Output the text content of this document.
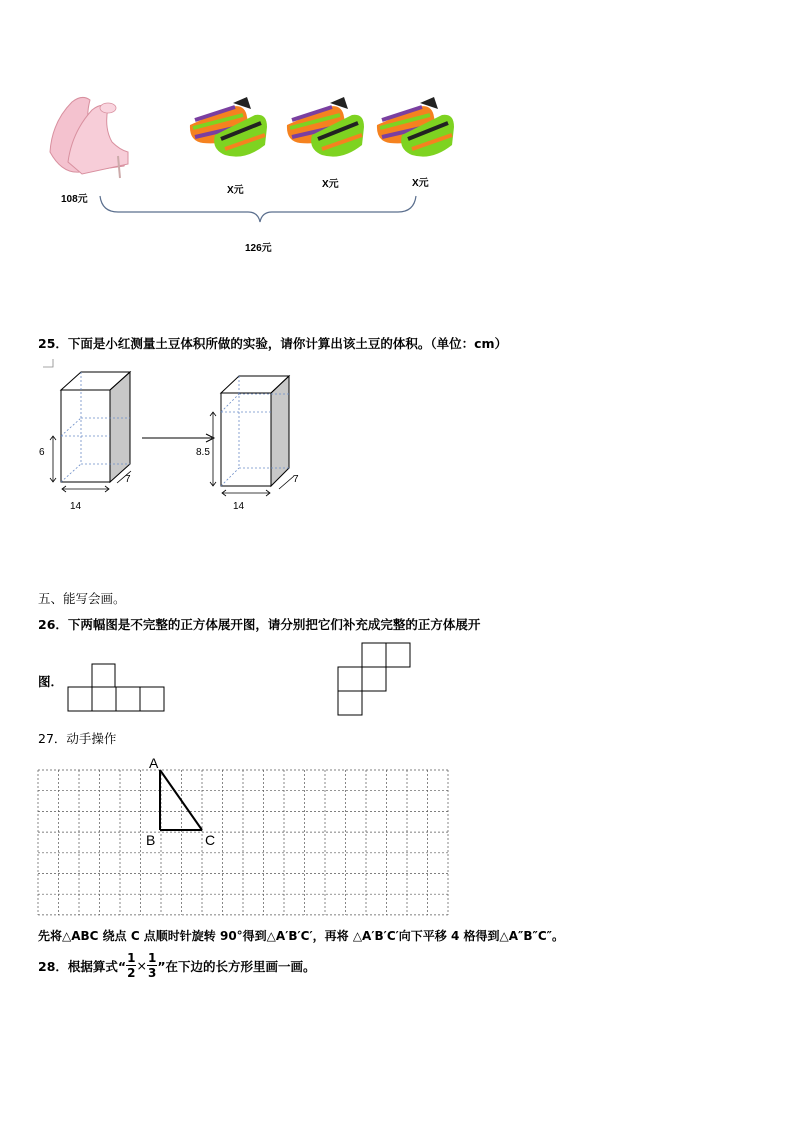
108元
X元
X元	X元
126元
25．下面是小红测量土豆体积所做的实验，请你计算出该土豆的体积。（单位：cm）
6
14
7
8.5
14
7
五、能写会画。
26．下两幅图是不完整的正方体展开图，请分别把它们补充成完整的正方体展开
图．
27．动手操作
A
B	C
先将△ABC 绕点 C 点顺时针旋转 90°得到△A′B′C′，再将 △A′B′C′向下平移 4 格得到△A″B″C″。
28．根据算式“ $\frac{1}{2} \times \frac{1}{3}$ ”在下边的长方形里画一画。
